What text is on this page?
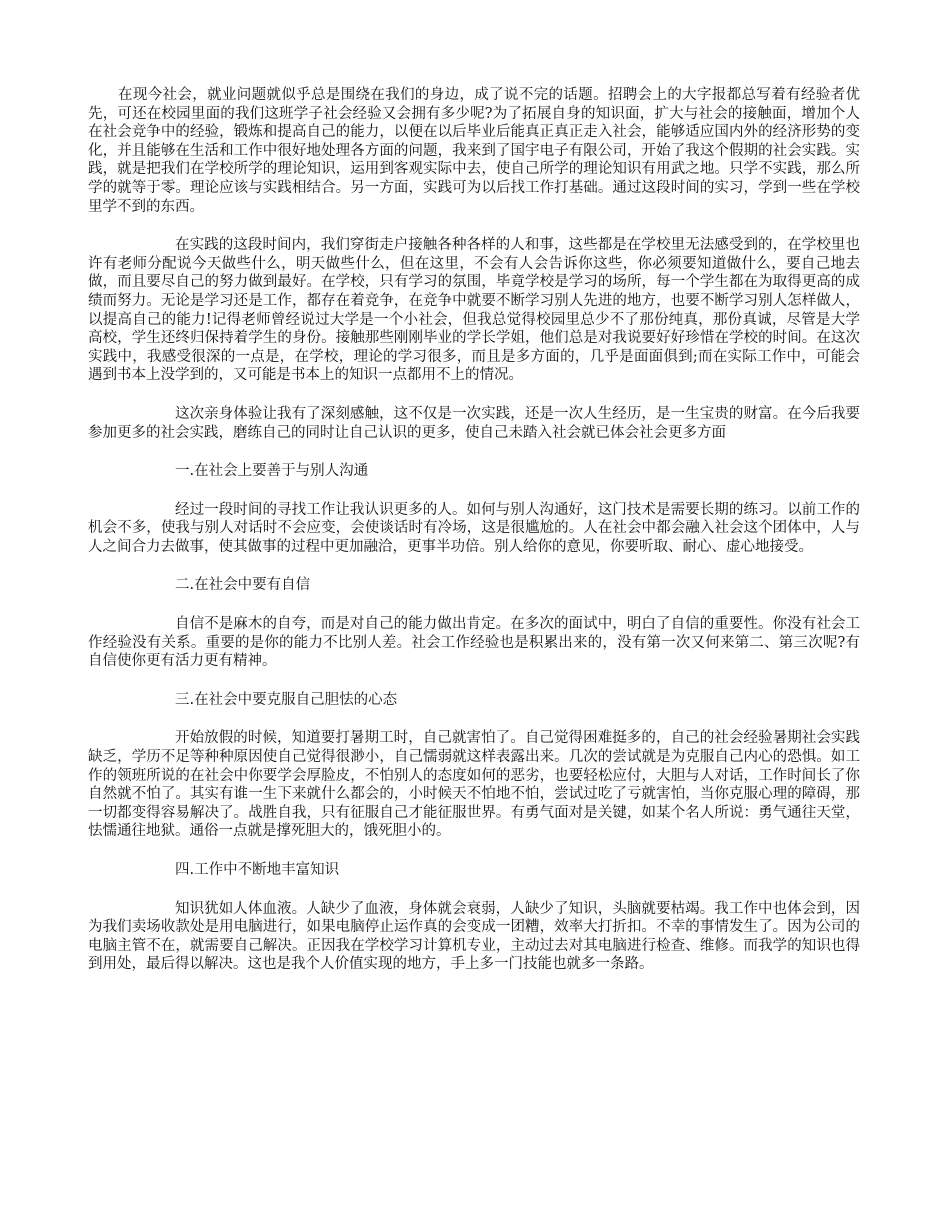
在现今社会，就业问题就似乎总是围绕在我们的身边，成了说不完的话题。招聘会上的大字报都总写着有经验者优先，可还在校园里面的我们这班学子社会经验又会拥有多少呢?为了拓展自身的知识面，扩大与社会的接触面，增加个人在社会竞争中的经验，锻炼和提高自己的能力，以便在以后毕业后能真正真正走入社会，能够适应国内外的经济形势的变化，并且能够在生活和工作中很好地处理各方面的问题，我来到了国宇电子有限公司，开始了我这个假期的社会实践。实践，就是把我们在学校所学的理论知识，运用到客观实际中去，使自己所学的理论知识有用武之地。只学不实践，那么所学的就等于零。理论应该与实践相结合。另一方面，实践可为以后找工作打基础。通过这段时间的实习，学到一些在学校里学不到的东西。

在实践的这段时间内，我们穿街走户接触各种各样的人和事，这些都是在学校里无法感受到的，在学校里也许有老师分配说今天做些什么，明天做些什么，但在这里，不会有人会告诉你这些，你必须要知道做什么，要自己地去做，而且要尽自己的努力做到最好。在学校，只有学习的氛围，毕竟学校是学习的场所，每一个学生都在为取得更高的成绩而努力。无论是学习还是工作，都存在着竞争，在竞争中就要不断学习别人先进的地方，也要不断学习别人怎样做人，以提高自己的能力!记得老师曾经说过大学是一个小社会，但我总觉得校园里总少不了那份纯真，那份真诚，尽管是大学高校，学生还终归保持着学生的身份。接触那些刚刚毕业的学长学姐，他们总是对我说要好好珍惜在学校的时间。在这次实践中，我感受很深的一点是，在学校，理论的学习很多，而且是多方面的，几乎是面面俱到;而在实际工作中，可能会遇到书本上没学到的，又可能是书本上的知识一点都用不上的情况。

这次亲身体验让我有了深刻感触，这不仅是一次实践，还是一次人生经历，是一生宝贵的财富。在今后我要参加更多的社会实践，磨练自己的同时让自己认识的更多，使自己未踏入社会就已体会社会更多方面

一.在社会上要善于与别人沟通

经过一段时间的寻找工作让我认识更多的人。如何与别人沟通好，这门技术是需要长期的练习。以前工作的机会不多，使我与别人对话时不会应变，会使谈话时有冷场，这是很尴尬的。人在社会中都会融入社会这个团体中，人与人之间合力去做事，使其做事的过程中更加融洽，更事半功倍。别人给你的意见，你要听取、耐心、虚心地接受。

二.在社会中要有自信

自信不是麻木的自夸，而是对自己的能力做出肯定。在多次的面试中，明白了自信的重要性。你没有社会工作经验没有关系。重要的是你的能力不比别人差。社会工作经验也是积累出来的，没有第一次又何来第二、第三次呢?有自信使你更有活力更有精神。

三.在社会中要克服自己胆怯的心态

开始放假的时候，知道要打暑期工时，自己就害怕了。自己觉得困难挺多的，自己的社会经验暑期社会实践缺乏，学历不足等种种原因使自己觉得很渺小，自己懦弱就这样表露出来。几次的尝试就是为克服自己内心的恐惧。如工作的领班所说的在社会中你要学会厚脸皮，不怕别人的态度如何的恶劣，也要轻松应付，大胆与人对话，工作时间长了你自然就不怕了。其实有谁一生下来就什么都会的，小时候天不怕地不怕，尝试过吃了亏就害怕，当你克服心理的障碍，那一切都变得容易解决了。战胜自我，只有征服自己才能征服世界。有勇气面对是关键，如某个名人所说：勇气通往天堂，怯懦通往地狱。通俗一点就是撑死胆大的，饿死胆小的。

四.工作中不断地丰富知识

知识犹如人体血液。人缺少了血液，身体就会衰弱，人缺少了知识，头脑就要枯竭。我工作中也体会到，因为我们卖场收款处是用电脑进行，如果电脑停止运作真的会变成一团糟，效率大打折扣。不幸的事情发生了。因为公司的电脑主管不在，就需要自己解决。正因我在学校学习计算机专业，主动过去对其电脑进行检查、维修。而我学的知识也得到用处，最后得以解决。这也是我个人价值实现的地方，手上多一门技能也就多一条路。
